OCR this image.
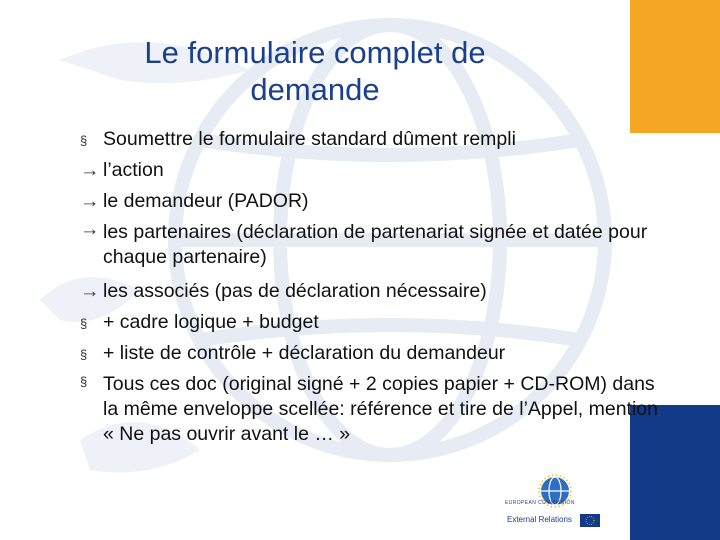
Le formulaire complet de demande
§ Soumettre le formulaire standard dûment rempli
→ l’action
→ le demandeur (PADOR)
→ les partenaires (déclaration de partenariat signée et datée pour chaque partenaire)
→ les associés (pas de déclaration nécessaire)
§ + cadre logique + budget
§ + liste de contrôle + déclaration du demandeur
§ Tous ces doc (original signé + 2 copies papier + CD-ROM) dans la même enveloppe scellée: référence et tire de l’Appel, mention « Ne pas ouvrir avant le … »
EUROPEAN COMMISSION
External Relations
